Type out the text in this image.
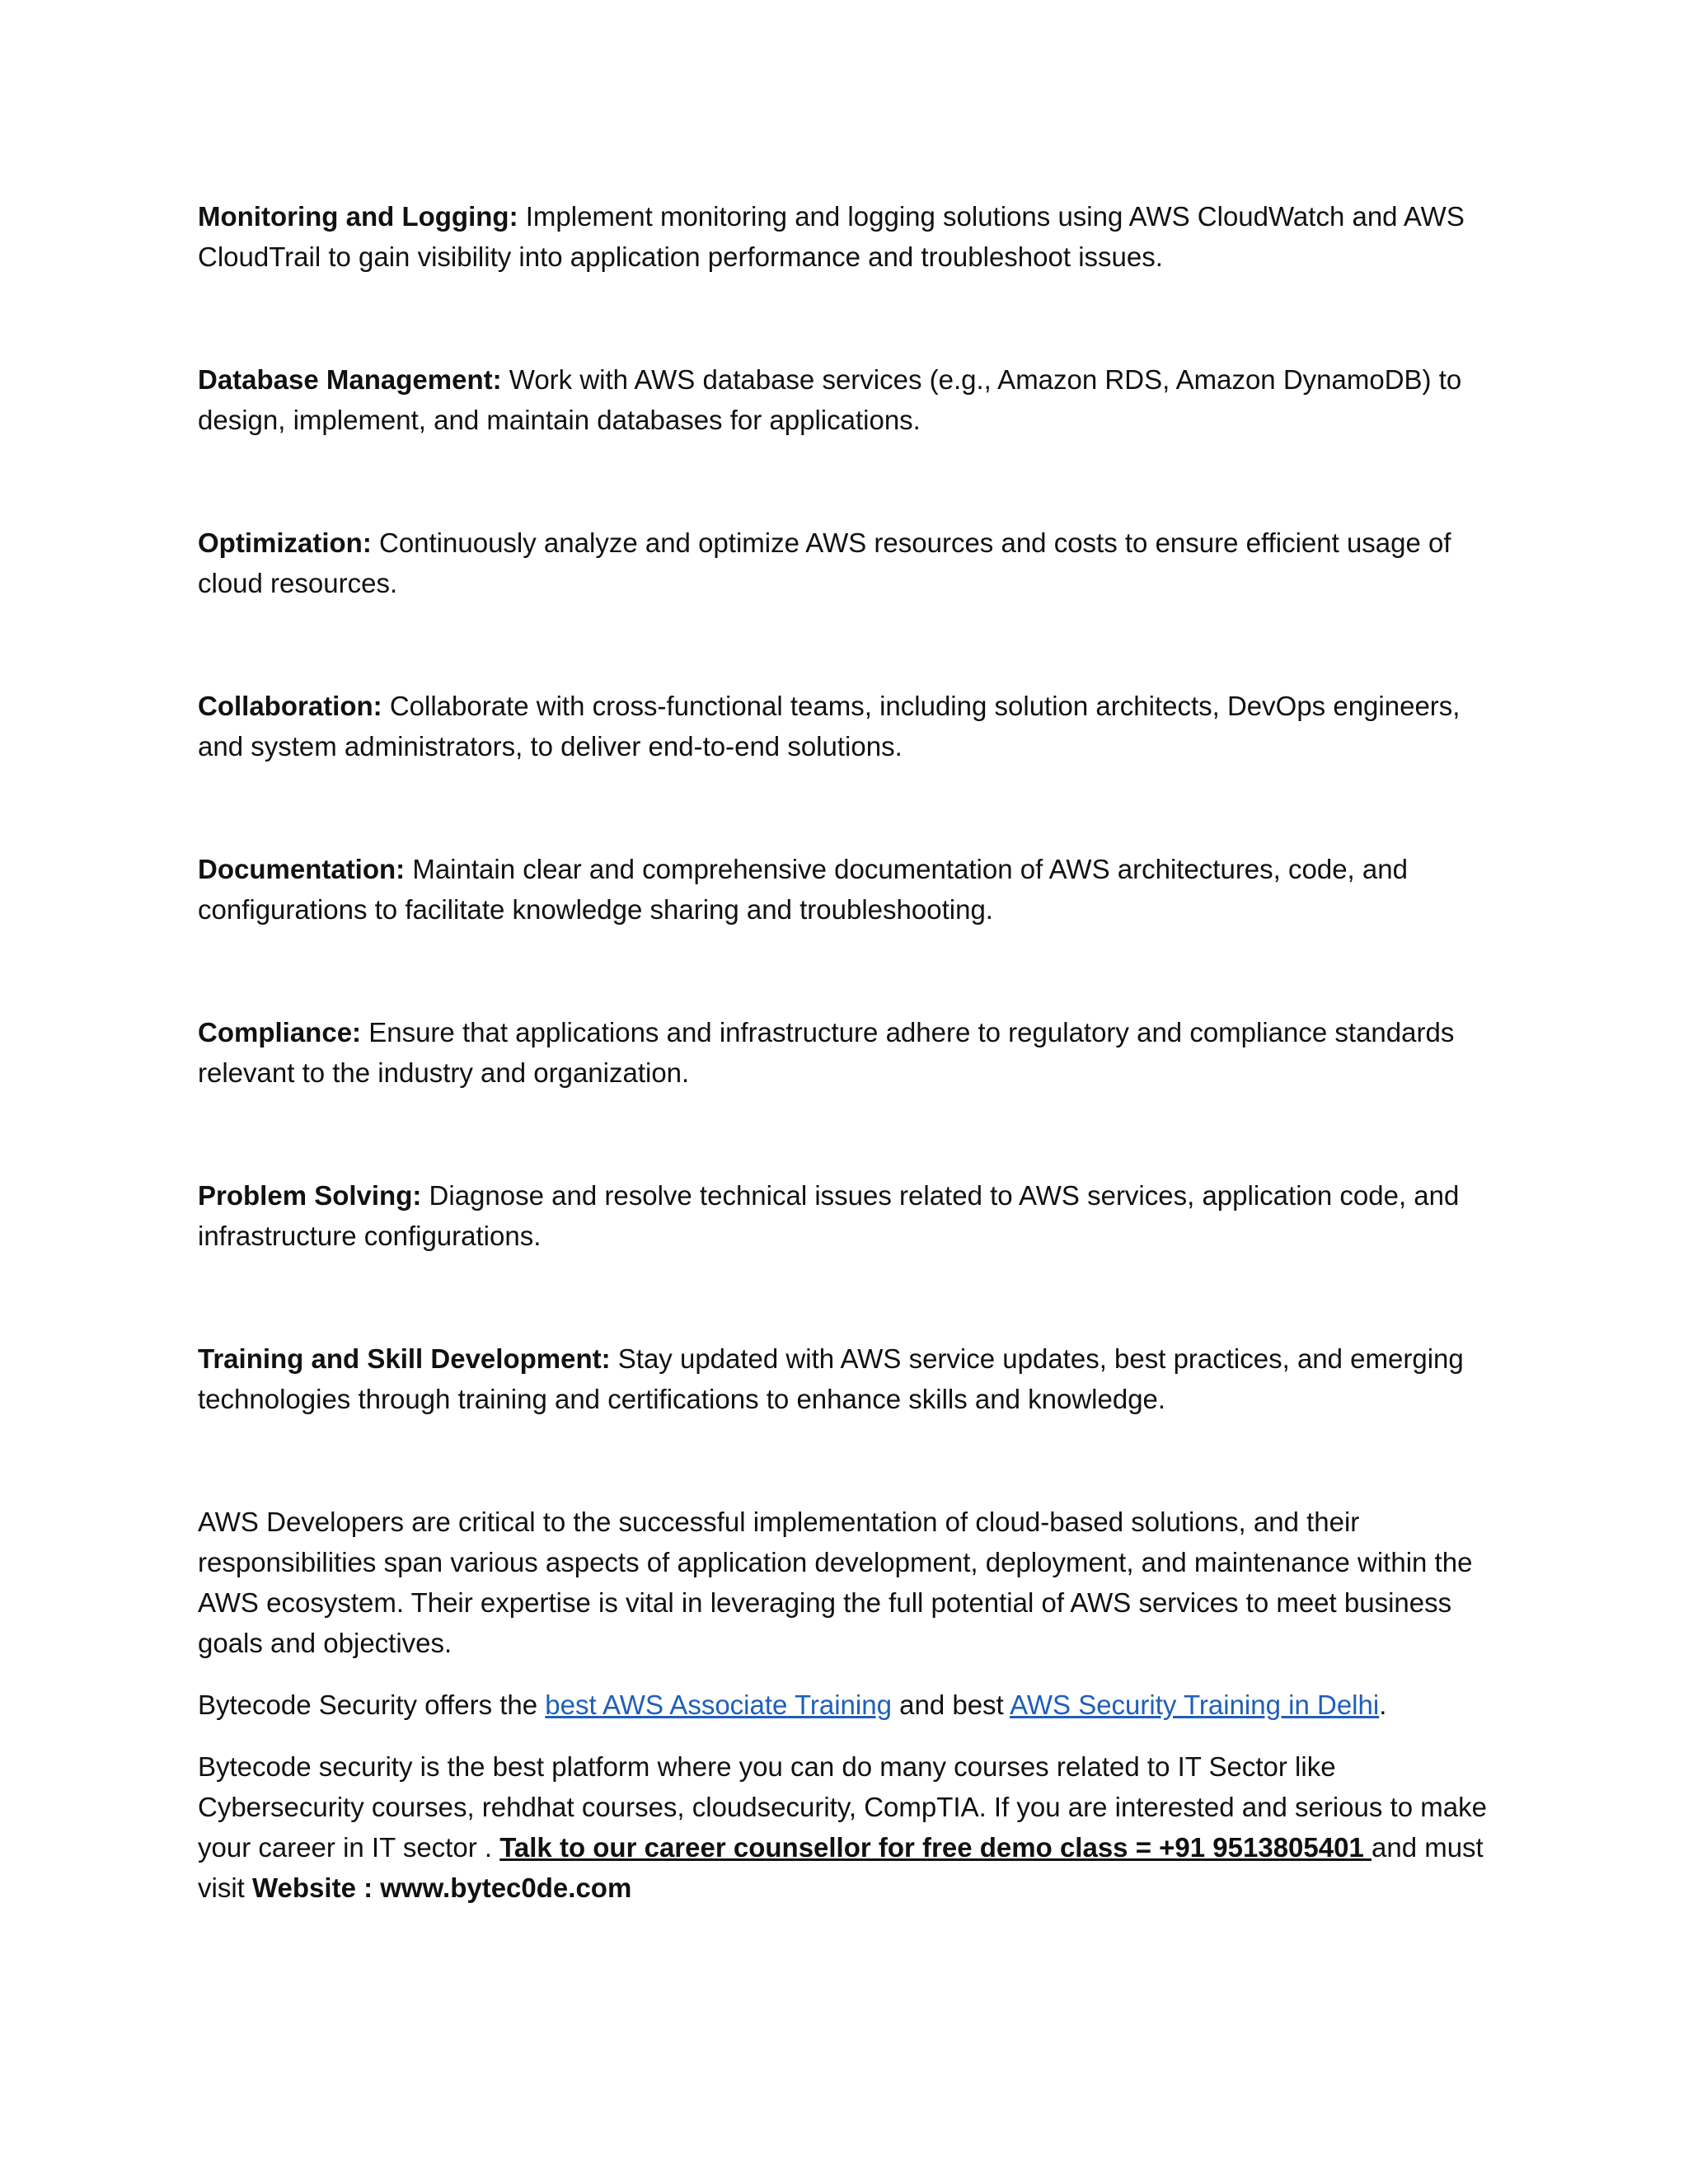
Monitoring and Logging: Implement monitoring and logging solutions using AWS CloudWatch and AWS CloudTrail to gain visibility into application performance and troubleshoot issues.

Database Management: Work with AWS database services (e.g., Amazon RDS, Amazon DynamoDB) to design, implement, and maintain databases for applications.

Optimization: Continuously analyze and optimize AWS resources and costs to ensure efficient usage of cloud resources.

Collaboration: Collaborate with cross-functional teams, including solution architects, DevOps engineers, and system administrators, to deliver end-to-end solutions.

Documentation: Maintain clear and comprehensive documentation of AWS architectures, code, and configurations to facilitate knowledge sharing and troubleshooting.

Compliance: Ensure that applications and infrastructure adhere to regulatory and compliance standards relevant to the industry and organization.

Problem Solving: Diagnose and resolve technical issues related to AWS services, application code, and infrastructure configurations.

Training and Skill Development: Stay updated with AWS service updates, best practices, and emerging technologies through training and certifications to enhance skills and knowledge.

AWS Developers are critical to the successful implementation of cloud-based solutions, and their responsibilities span various aspects of application development, deployment, and maintenance within the AWS ecosystem. Their expertise is vital in leveraging the full potential of AWS services to meet business goals and objectives.

Bytecode Security offers the best AWS Associate Training and best AWS Security Training in Delhi.

Bytecode security is the best platform where you can do many courses related to IT Sector like Cybersecurity courses, rehdhat courses, cloudsecurity, CompTIA. If you are interested and serious to make your career in IT sector . Talk to our career counsellor for free demo class = +91 9513805401 and must visit Website : www.bytec0de.com
